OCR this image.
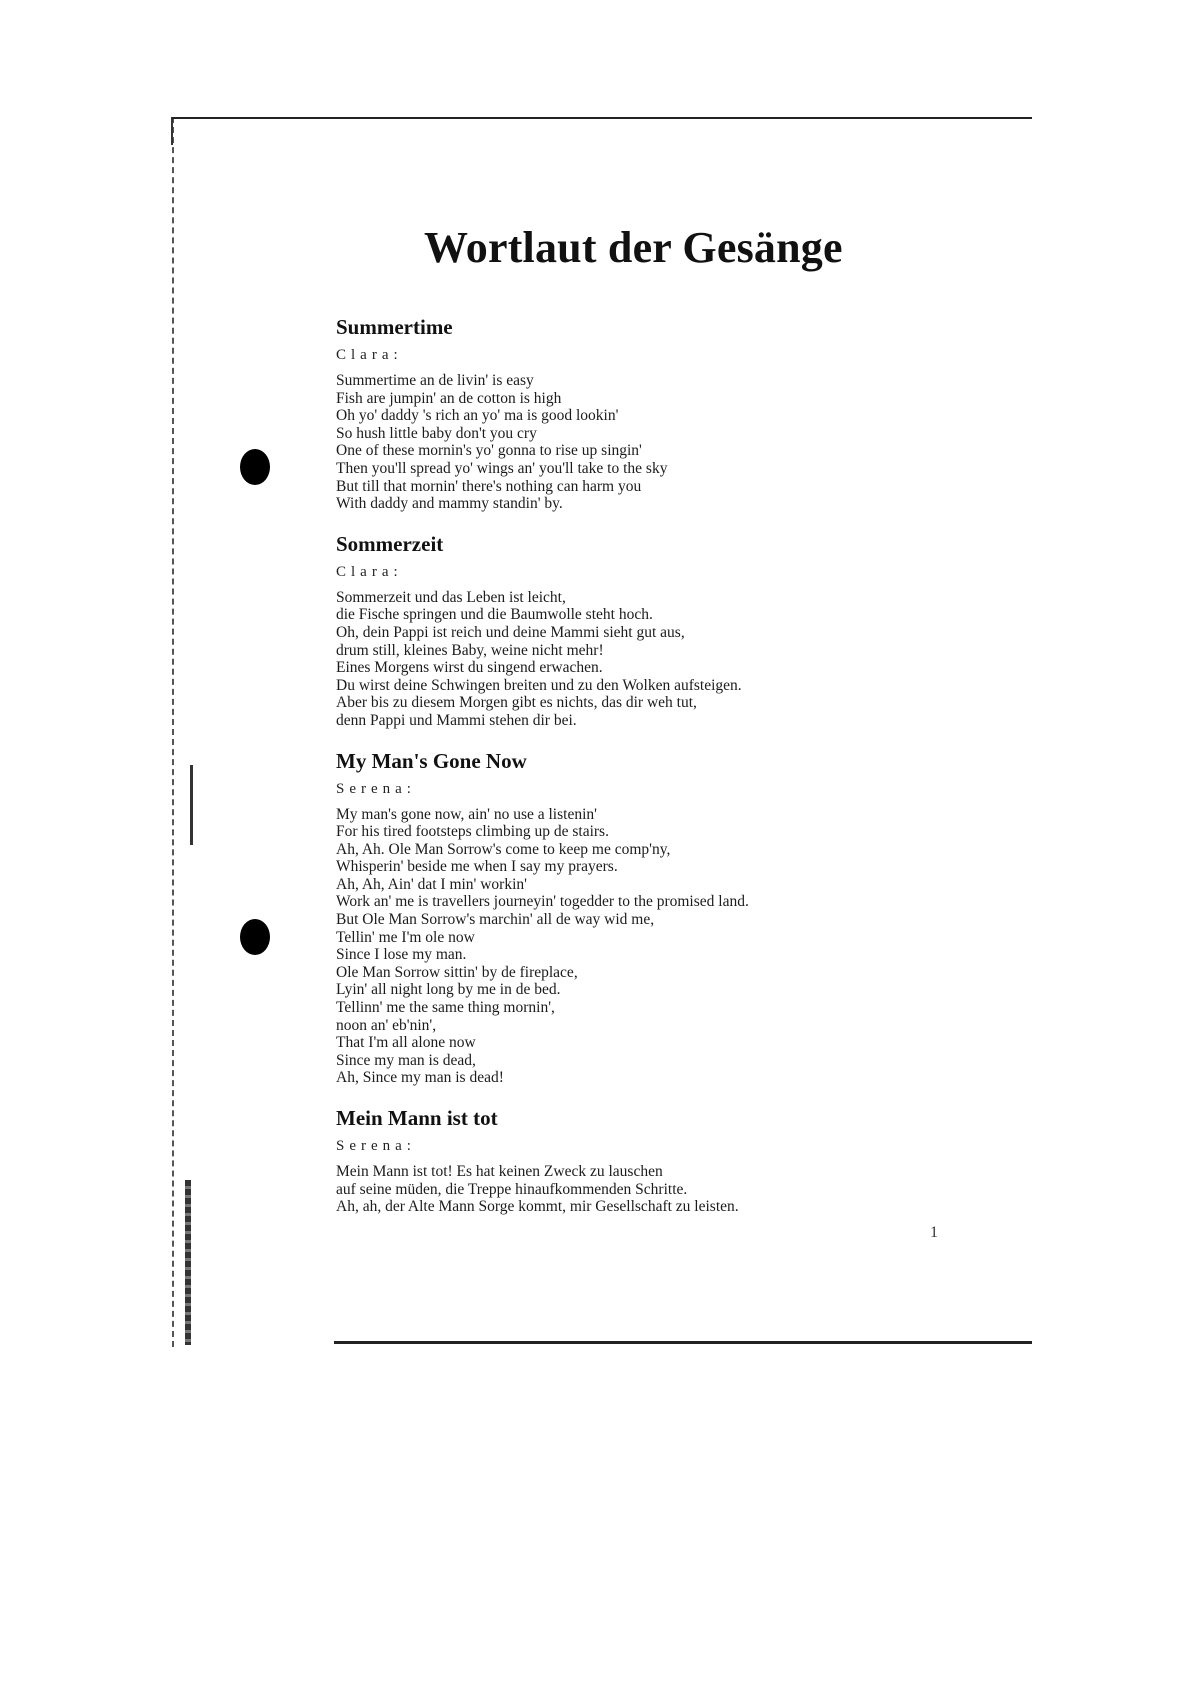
Wortlaut der Gesänge
Summertime
Clara:
Summertime an de livin' is easy
Fish are jumpin' an de cotton is high
Oh yo' daddy 's rich an yo' ma is good lookin'
So hush little baby don't you cry
One of these mornin's yo' gonna to rise up singin'
Then you'll spread yo' wings an' you'll take to the sky
But till that mornin' there's nothing can harm you
With daddy and mammy standin' by.
Sommerzeit
Clara:
Sommerzeit und das Leben ist leicht,
die Fische springen und die Baumwolle steht hoch.
Oh, dein Pappi ist reich und deine Mammi sieht gut aus,
drum still, kleines Baby, weine nicht mehr!
Eines Morgens wirst du singend erwachen.
Du wirst deine Schwingen breiten und zu den Wolken aufsteigen.
Aber bis zu diesem Morgen gibt es nichts, das dir weh tut,
denn Pappi und Mammi stehen dir bei.
My Man's Gone Now
Serena:
My man's gone now, ain' no use a listenin'
For his tired footsteps climbing up de stairs.
Ah, Ah. Ole Man Sorrow's come to keep me comp'ny,
Whisperin' beside me when I say my prayers.
Ah, Ah, Ain' dat I min' workin'
Work an' me is travellers journeyin' togedder to the promised land.
But Ole Man Sorrow's marchin' all de way wid me,
Tellin' me I'm ole now
Since I lose my man.
Ole Man Sorrow sittin' by de fireplace,
Lyin' all night long by me in de bed.
Tellinn' me the same thing mornin',
noon an' eb'nin',
That I'm all alone now
Since my man is dead,
Ah, Since my man is dead!
Mein Mann ist tot
Serena:
Mein Mann ist tot! Es hat keinen Zweck zu lauschen
auf seine müden, die Treppe hinaufkommenden Schritte.
Ah, ah, der Alte Mann Sorge kommt, mir Gesellschaft zu leisten.
1
